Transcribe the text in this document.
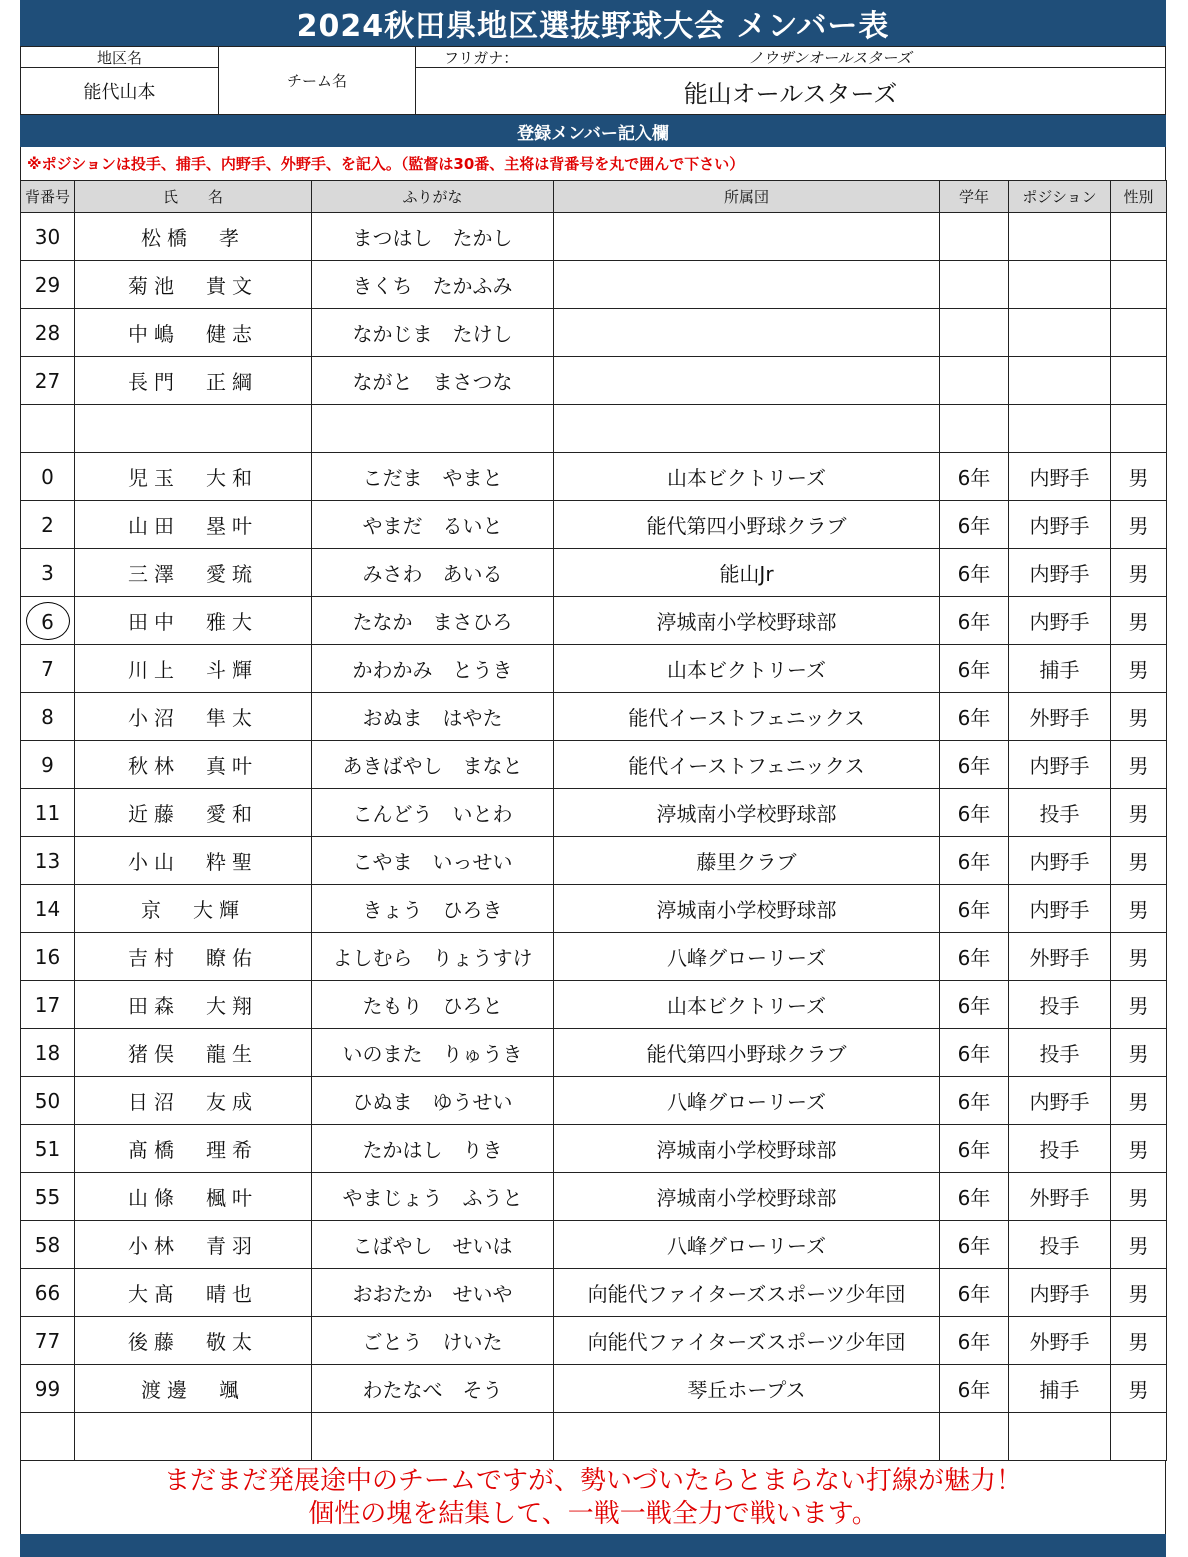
2024秋田県地区選抜野球大会 メンバー表
地区名
能代山本
チーム名
フリガナ：	ノウザンオールスターズ
能山オールスターズ
登録メンバー記入欄
※ポジションは投手、捕手、内野手、外野手、を記入。（監督は30番、主将は背番号を丸で囲んで下さい）
背番号	氏　　名	ふりがな	所属団	学年	ポジション	性別
30	松橋　孝	まつはし　たかし				
29	菊池　貴文	きくち　たかふみ				
28	中嶋　健志	なかじま　たけし				
27	長門　正綱	ながと　まさつな				

0	児玉　大和	こだま　やまと	山本ビクトリーズ	6年	内野手	男
2	山田　塁叶	やまだ　るいと	能代第四小野球クラブ	6年	内野手	男
3	三澤　愛琉	みさわ　あいる	能山Jr	6年	内野手	男
6	田中　雅大	たなか　まさひろ	渟城南小学校野球部	6年	内野手	男
7	川上　斗輝	かわかみ　とうき	山本ビクトリーズ	6年	捕手	男
8	小沼　隼太	おぬま　はやた	能代イーストフェニックス	6年	外野手	男
9	秋林　真叶	あきばやし　まなと	能代イーストフェニックス	6年	内野手	男
11	近藤　愛和	こんどう　いとわ	渟城南小学校野球部	6年	投手	男
13	小山　粋聖	こやま　いっせい	藤里クラブ	6年	内野手	男
14	京　大輝	きょう　ひろき	渟城南小学校野球部	6年	内野手	男
16	吉村　瞭佑	よしむら　りょうすけ	八峰グローリーズ	6年	外野手	男
17	田森　大翔	たもり　ひろと	山本ビクトリーズ	6年	投手	男
18	猪俣　龍生	いのまた　りゅうき	能代第四小野球クラブ	6年	投手	男
50	日沼　友成	ひぬま　ゆうせい	八峰グローリーズ	6年	内野手	男
51	髙橋　理希	たかはし　りき	渟城南小学校野球部	6年	投手	男
55	山條　楓叶	やまじょう　ふうと	渟城南小学校野球部	6年	外野手	男
58	小林　青羽	こばやし　せいは	八峰グローリーズ	6年	投手	男
66	大髙　晴也	おおたか　せいや	向能代ファイターズスポーツ少年団	6年	内野手	男
77	後藤　敬太	ごとう　けいた	向能代ファイターズスポーツ少年団	6年	外野手	男
99	渡邊　颯	わたなべ　そう	琴丘ホープス	6年	捕手	男

まだまだ発展途中のチームですが、勢いづいたらとまらない打線が魅力！
個性の塊を結集して、一戦一戦全力で戦います。
